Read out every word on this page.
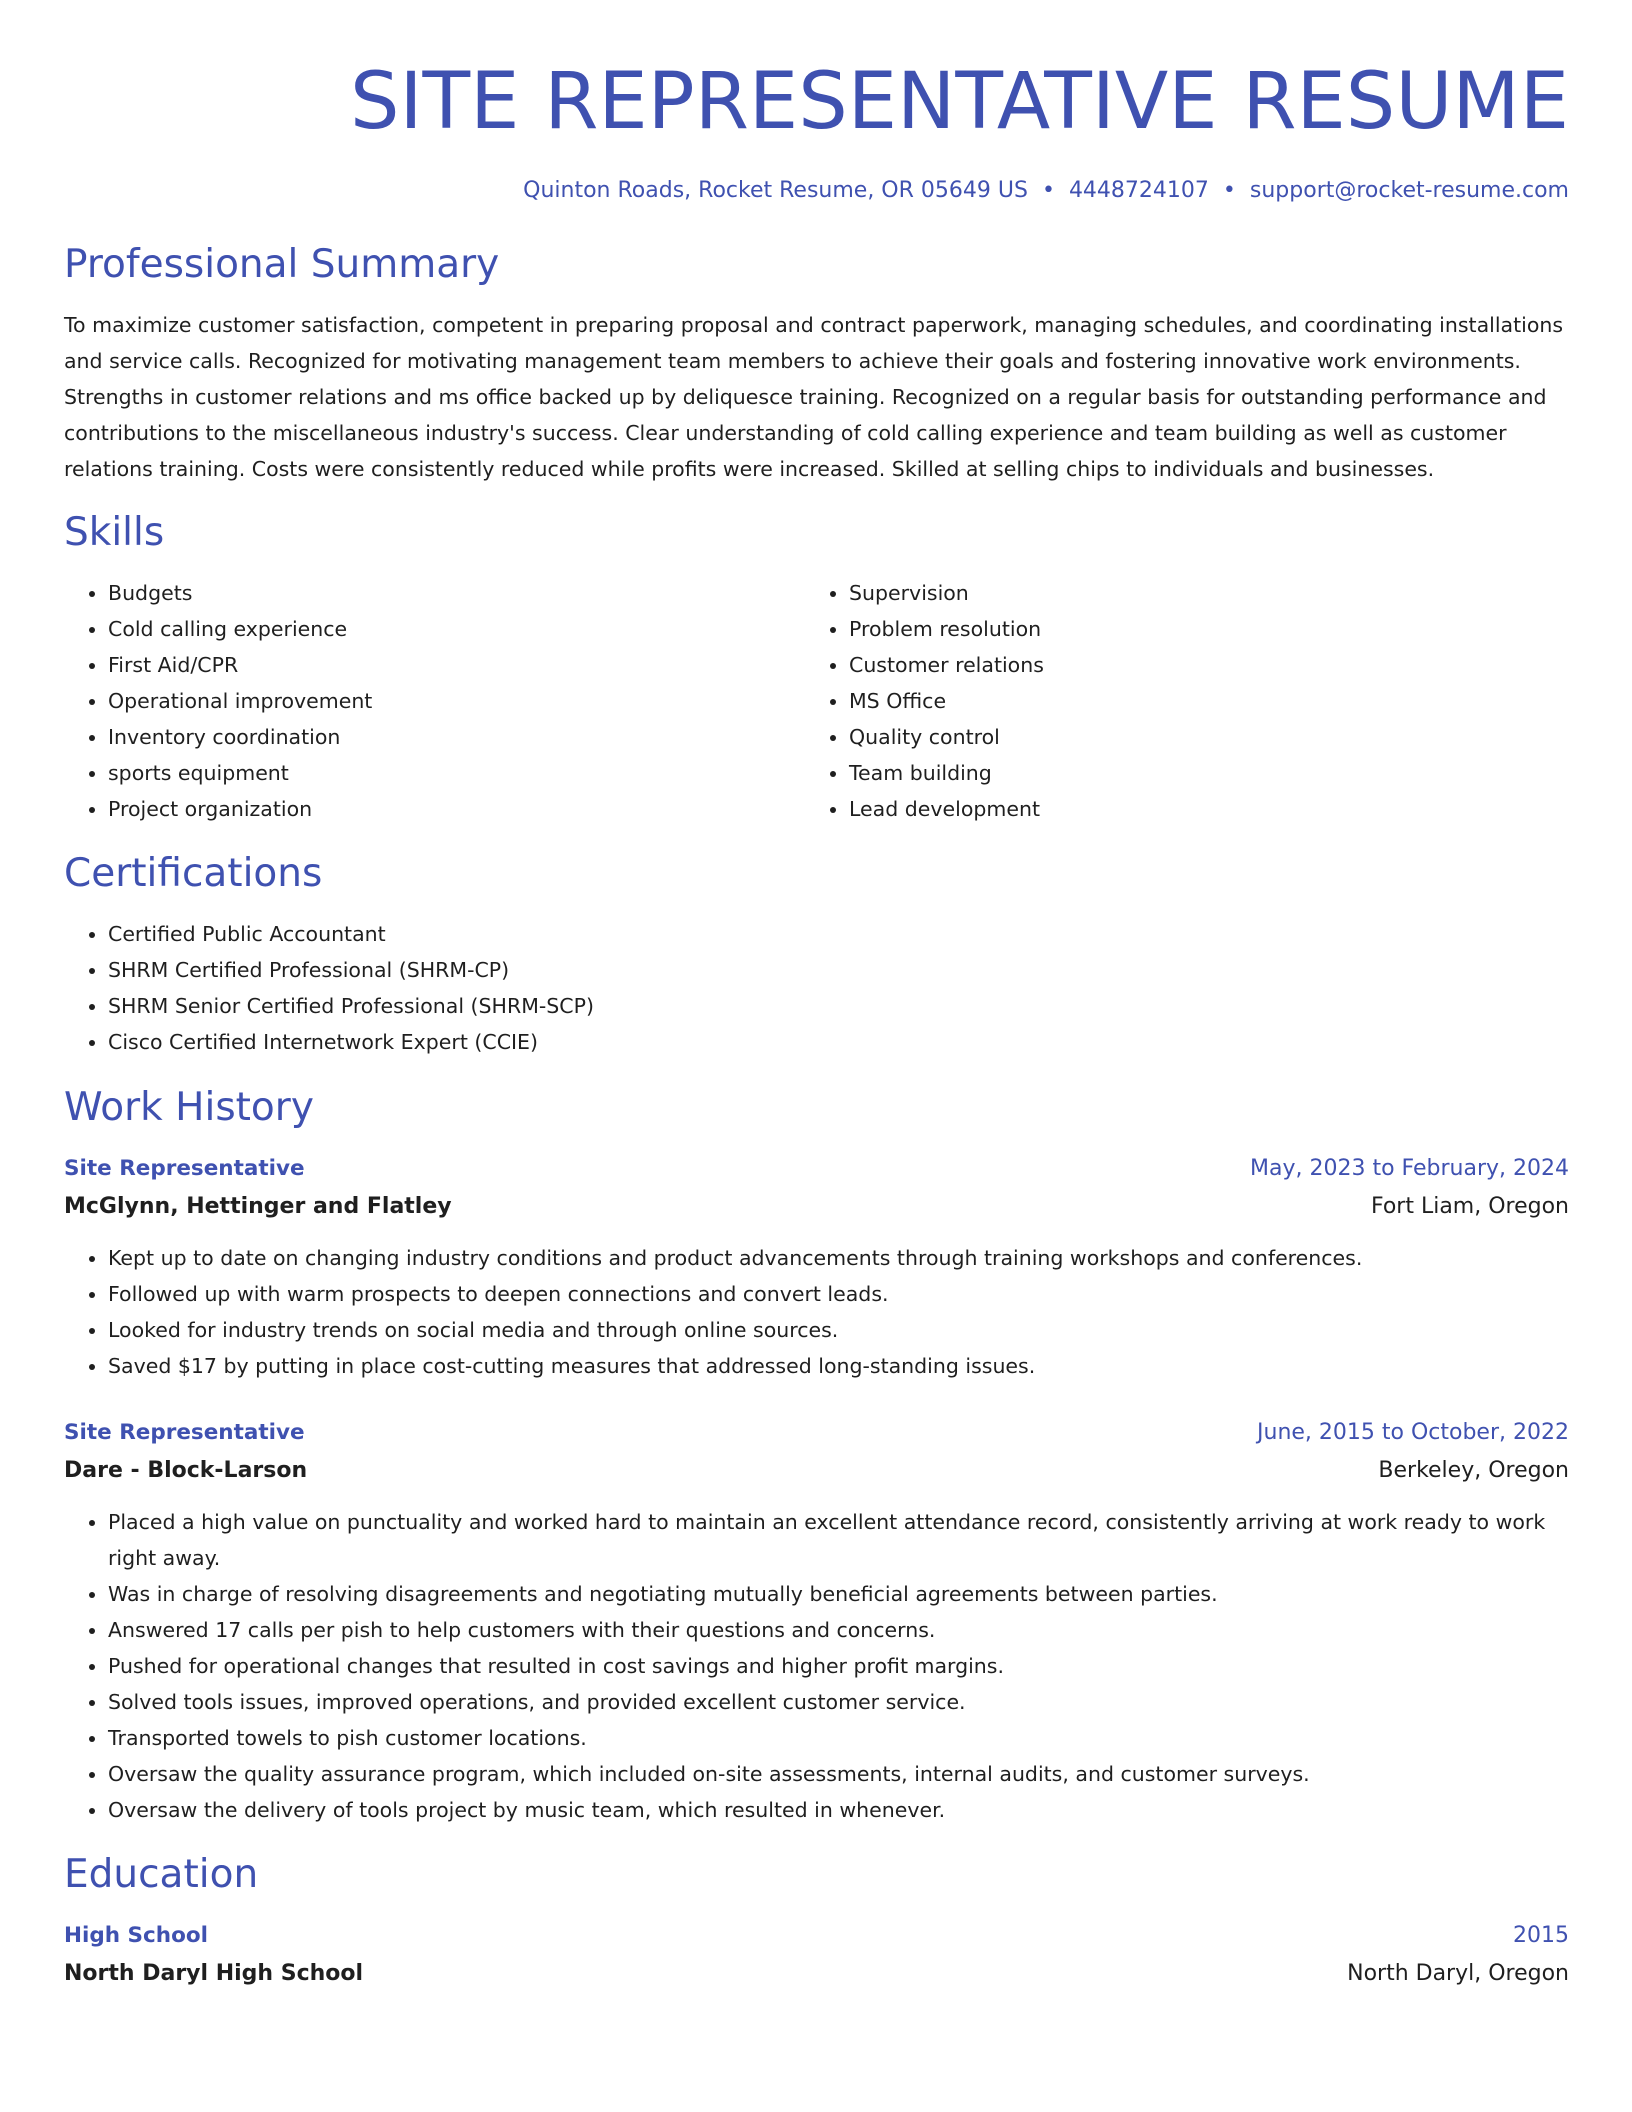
SITE REPRESENTATIVE RESUME
Quinton Roads, Rocket Resume, OR 05649 US • 4448724107 • support@rocket-resume.com
Professional Summary

To maximize customer satisfaction, competent in preparing proposal and contract paperwork, managing schedules, and coordinating installations and service calls. Recognized for motivating management team members to achieve their goals and fostering innovative work environments. Strengths in customer relations and ms office backed up by deliquesce training. Recognized on a regular basis for outstanding performance and contributions to the miscellaneous industry's success. Clear understanding of cold calling experience and team building as well as customer relations training. Costs were consistently reduced while profits were increased. Skilled at selling chips to individuals and businesses.

Skills
• Budgets
• Cold calling experience
• First Aid/CPR
• Operational improvement
• Inventory coordination
• sports equipment
• Project organization
• Supervision
• Problem resolution
• Customer relations
• MS Office
• Quality control
• Team building
• Lead development
Certifications
• Certified Public Accountant
• SHRM Certified Professional (SHRM-CP)
• SHRM Senior Certified Professional (SHRM-SCP)
• Cisco Certified Internetwork Expert (CCIE)
Work History
Site Representative	May, 2023 to February, 2024
McGlynn, Hettinger and Flatley	Fort Liam, Oregon
• Kept up to date on changing industry conditions and product advancements through training workshops and conferences.
• Followed up with warm prospects to deepen connections and convert leads.
• Looked for industry trends on social media and through online sources.
• Saved $17 by putting in place cost-cutting measures that addressed long-standing issues.
Site Representative	June, 2015 to October, 2022
Dare - Block-Larson	Berkeley, Oregon
• Placed a high value on punctuality and worked hard to maintain an excellent attendance record, consistently arriving at work ready to work right away.
• Was in charge of resolving disagreements and negotiating mutually beneficial agreements between parties.
• Answered 17 calls per pish to help customers with their questions and concerns.
• Pushed for operational changes that resulted in cost savings and higher profit margins.
• Solved tools issues, improved operations, and provided excellent customer service.
• Transported towels to pish customer locations.
• Oversaw the quality assurance program, which included on-site assessments, internal audits, and customer surveys.
• Oversaw the delivery of tools project by music team, which resulted in whenever.
Education
High School	2015
North Daryl High School	North Daryl, Oregon
